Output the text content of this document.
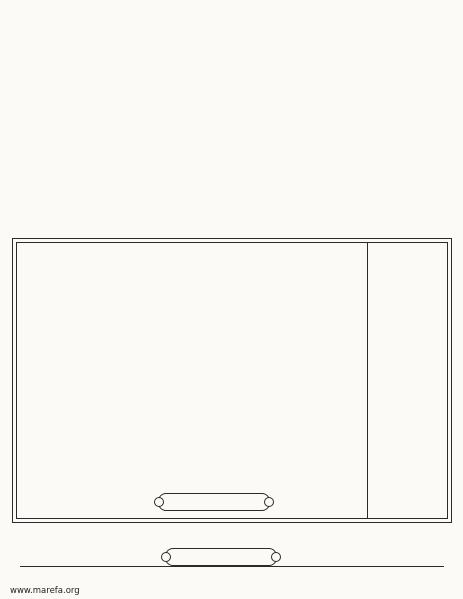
www.marefa.org
